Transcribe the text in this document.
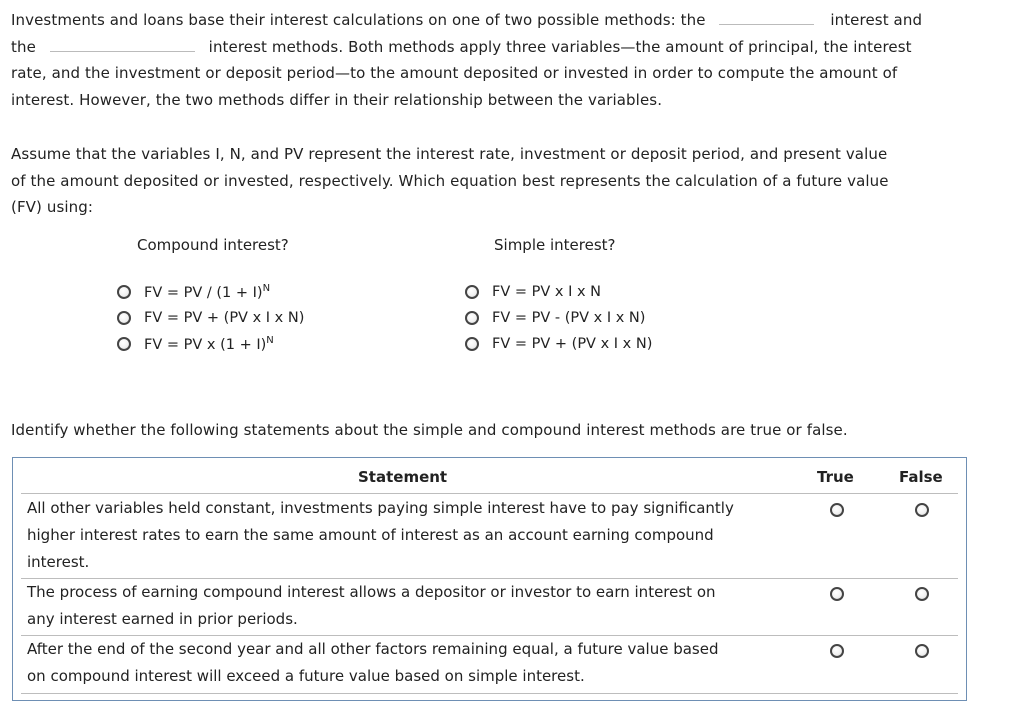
Investments and loans base their interest calculations on one of two possible methods: the	interest and
the	interest methods. Both methods apply three variables—the amount of principal, the interest
rate, and the investment or deposit period—to the amount deposited or invested in order to compute the amount of
interest. However, the two methods differ in their relationship between the variables.
Assume that the variables I, N, and PV represent the interest rate, investment or deposit period, and present value
of the amount deposited or invested, respectively. Which equation best represents the calculation of a future value
(FV) using:
Compound interest?	Simple interest?
FV = PV / $(1 + I)^N$
FV = PV + (PV x I x N)
FV = PV x $(1 + I)^N$
FV = PV x I x N
FV = PV - (PV x I x N)
FV = PV + (PV x I x N)
Identify whether the following statements about the simple and compound interest methods are true or false.
Statement	True	False
All other variables held constant, investments paying simple interest have to pay significantly
higher interest rates to earn the same amount of interest as an account earning compound
interest.
The process of earning compound interest allows a depositor or investor to earn interest on
any interest earned in prior periods.
After the end of the second year and all other factors remaining equal, a future value based
on compound interest will exceed a future value based on simple interest.
